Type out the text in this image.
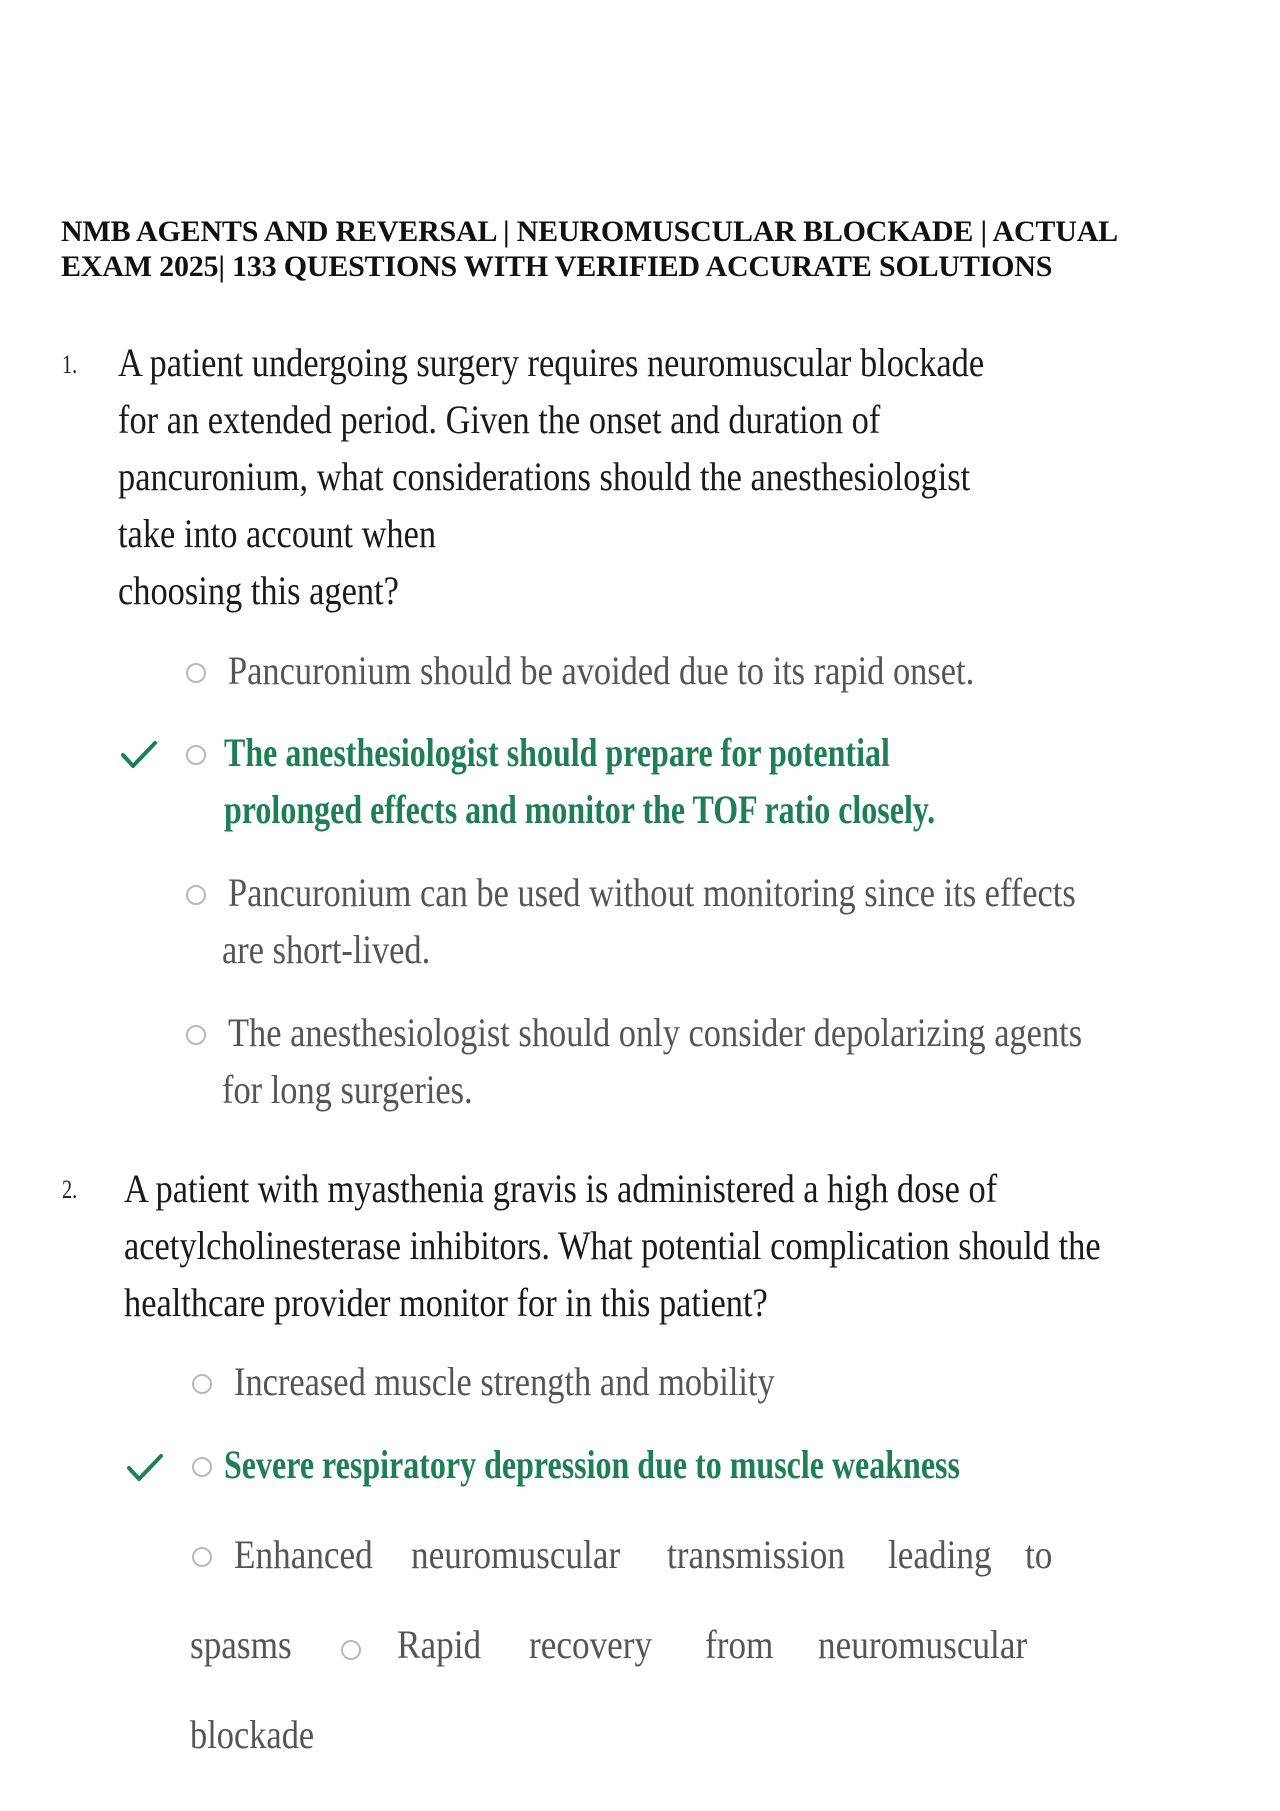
NMB AGENTS AND REVERSAL | NEUROMUSCULAR BLOCKADE | ACTUAL
EXAM 2025| 133 QUESTIONS WITH VERIFIED ACCURATE SOLUTIONS
1. A patient undergoing surgery requires neuromuscular blockade
for an extended period. Given the onset and duration of
pancuronium, what considerations should the anesthesiologist
take into account when
choosing this agent?
Pancuronium should be avoided due to its rapid onset.
The anesthesiologist should prepare for potential
prolonged effects and monitor the TOF ratio closely.
Pancuronium can be used without monitoring since its effects
are short-lived.
The anesthesiologist should only consider depolarizing agents
for long surgeries.
2. A patient with myasthenia gravis is administered a high dose of
acetylcholinesterase inhibitors. What potential complication should the
healthcare provider monitor for in this patient?
Increased muscle strength and mobility
Severe respiratory depression due to muscle weakness
Enhanced neuromuscular transmission leading to
spasms	Rapid recovery from neuromuscular
blockade
